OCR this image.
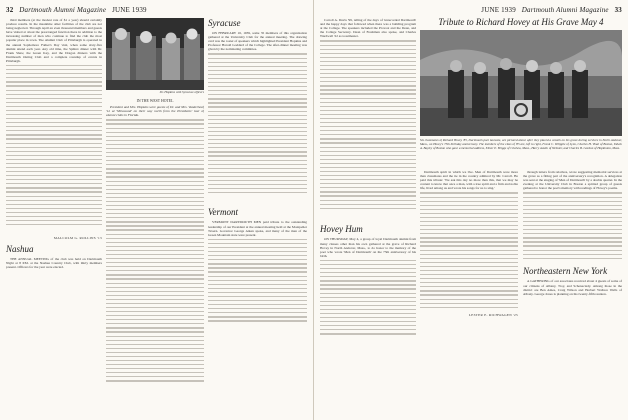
32 Dartmouth Alumni Magazine JUNE 1939

third members (at the modest rate of $1 a year) should certainly produce results. In the meantime other facilities of the club are not being neglected. Through April an even thousand members and guests have visited at about the prearranged function there in addition to the increasing number of men who continue to find the club the most popular place in town. The Alumni Club of Pittsburgh is operated in the annual Sophomore Father's Day visit, when some sixty-five alumni attend each year. Any old time, the Sphinx dinner with Dr. Frank Shaw, the Green Key, and the Dragon dinners with the Dartmouth Outing Club and a complete roundup of events in Pittsburgh.

MALCOLM G. ROLLINS '13
Nashua

THE ANNUAL MEETING of the club was held on Dartmouth Night at 8 P.M. at the Nashua Country Club, with thirty members present. Officers for the year were elected.

Dr. Hopkins with Syracuse officers
IN THE WEST HOTEL

President and Mrs. Hopkins were guests of Dr. and Mrs. Vanderhoof '12 at 'Mirawood' on their way north from the Presidents' tour of alumni clubs in Florida.

Syracuse

ON FEBRUARY 16, 1939, some 35 members of this organization gathered at the University Club for the annual meeting. The drawing card was the roster of speakers which highlighted President Hopkins and Professor Harold Goddard of the College. The after-dinner meeting was given by the nominating committee.

Vermont

VERMONT DARTMOUTH MEN paid tribute to the outstanding leadership of our President at the annual meeting held at the Montpelier Tavern. Governor George Aiken spoke, and many of the men of the Green Mountain state were present.

JUNE 1939 Dartmouth Alumni Magazine 33

Carroll A. Davis '99, telling of the days of 'unrecorded Dartmouth' and the happy days that followed when there was a building program at the College. The speakers included the Provost and the Dean, and the College Secretary. Dean of Freshmen also spoke, and Charles Wardwell '22 as toastmaster.

Hovey Hum

ON THURSDAY, May 4, a group of loyal Dartmouth alumni from many classes other than his own gathered at the grave of Richard Hovey in North Andover, Mass., to do honor to the memory of the poet who wrote 'Men of Dartmouth' on the 75th anniversary of his birth.

Tribute to Richard Hovey at His Grave May 4
Six classmates of Richard Hovey '85, Dartmouth poet laureate, are pictured above after they placed a wreath on his grave during services in North Andover, Mass., on Hovey's 75th birthday anniversary. The members of the class of '85 are, left to right, Frank C. Whipple of Lynn, Charles H. Vinal of Boston, Edwin A. Bayley of Boston who gave a memorial address, Elmer E. Briggs of Chelsea, Mass., Harry Austin of Webster, and Charles B. Gordon of Hopkinton, Mass.

Dartmouth spirit in which we live. Men of Dartmouth were more than classmates and the tie in the country admired by Mr. Carroll. He paid this tribute: 'We ask this day no more than this, that we may be content to know that once a man, with a true spirit and a firm and noble life, lived among us and wrote his songs for us to sing.'

LESTER E. RICHWAGEN '25

through letters from relatives, wrote suggesting memorial services at the grave as a fitting part of the anniversary's recognition. A delegation was sent at the singing of 'Men of Dartmouth' by a double quartet. In the evening at the University Club in Boston a spirited group of guests gathered to honor the poet's memory with readings of Hovey's poems.

Northeastern New York

A GATHERING of our associates received about 4 guests of some of our citizens of Albany, Troy, and Schenectady. Among those in the district are Ben Ames, Craig Wilson and Herbert Wallace Wells of Albany. George Jones is planning on his twenty-fifth reunion.
